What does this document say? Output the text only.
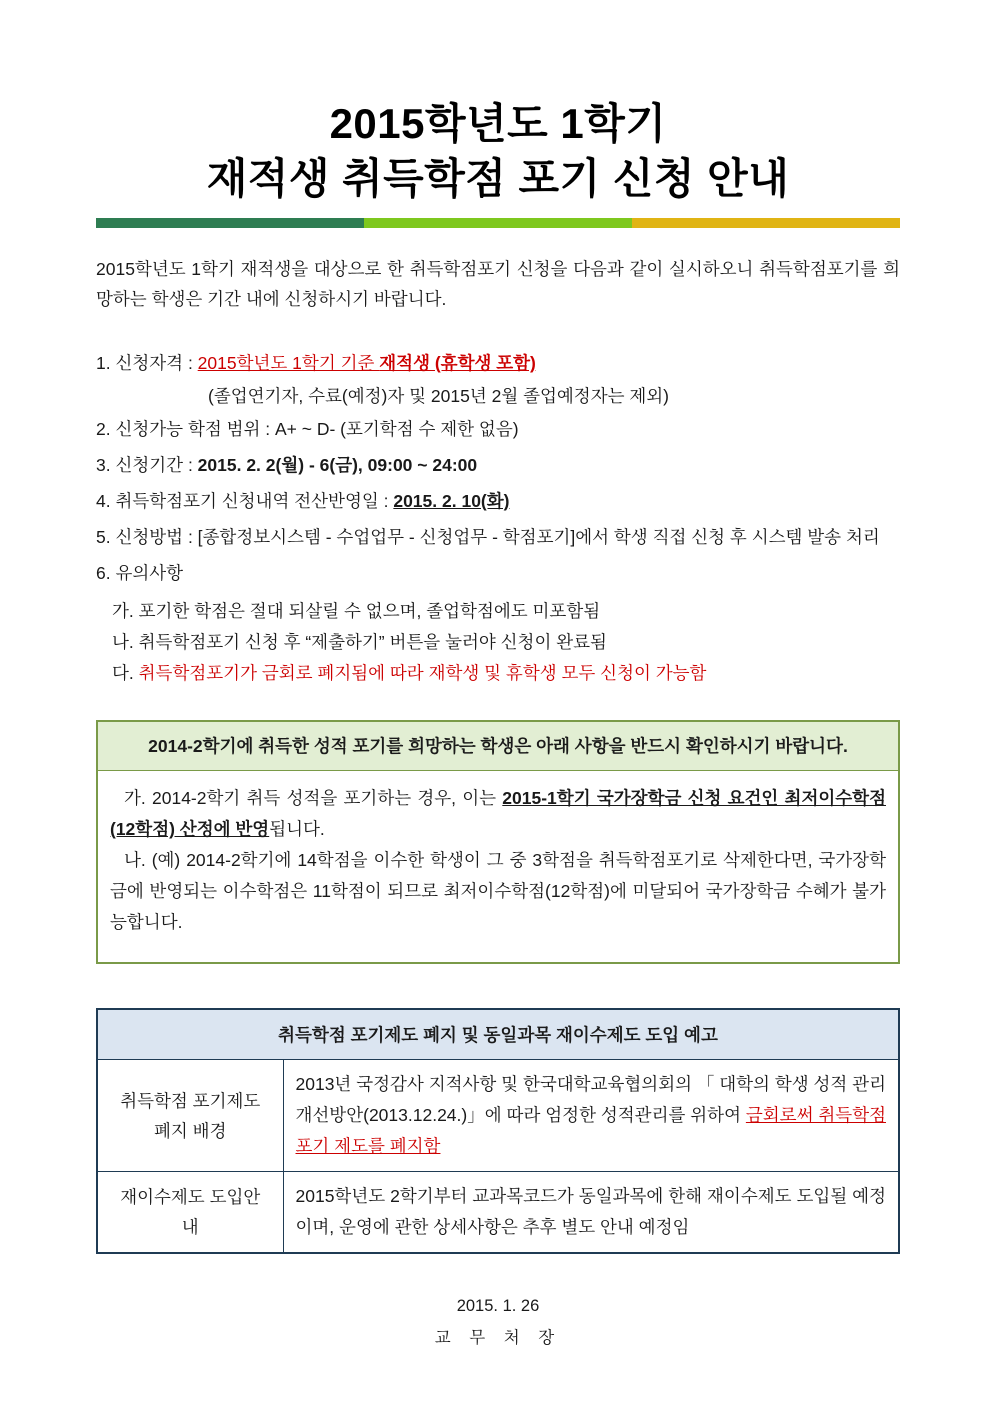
2015학년도 1학기
재적생 취득학점 포기 신청 안내

2015학년도 1학기 재적생을 대상으로 한 취득학점포기 신청을 다음과 같이 실시하오니 취득학점포기를 희망하는 학생은 기간 내에 신청하시기 바랍니다.

1. 신청자격 : 2015학년도 1학기 기준 재적생 (휴학생 포함)
(졸업연기자, 수료(예정)자 및 2015년 2월 졸업예정자는 제외)
2. 신청가능 학점 범위 : A+ ~ D- (포기학점 수 제한 없음)
3. 신청기간 : 2015. 2. 2(월) - 6(금), 09:00 ~ 24:00
4. 취득학점포기 신청내역 전산반영일 : 2015. 2. 10(화)
5. 신청방법 : [종합정보시스템 - 수업업무 - 신청업무 - 학점포기]에서 학생 직접 신청 후 시스템 발송 처리
6. 유의사항
가. 포기한 학점은 절대 되살릴 수 없으며, 졸업학점에도 미포함됨
나. 취득학점포기 신청 후 “제출하기” 버튼을 눌러야 신청이 완료됨
다. 취득학점포기가 금회로 폐지됨에 따라 재학생 및 휴학생 모두 신청이 가능함
2014-2학기에 취득한 성적 포기를 희망하는 학생은 아래 사항을 반드시 확인하시기 바랍니다.

가. 2014-2학기 취득 성적을 포기하는 경우, 이는 2015-1학기 국가장학금 신청 요건인 최저이수학점(12학점) 산정에 반영됩니다.

나. (예) 2014-2학기에 14학점을 이수한 학생이 그 중 3학점을 취득학점포기로 삭제한다면, 국가장학금에 반영되는 이수학점은 11학점이 되므로 최저이수학점(12학점)에 미달되어 국가장학금 수혜가 불가능합니다.

취득학점 포기제도 폐지 및 동일과목 재이수제도 도입 예고	
취득학점 포기제도 폐지 배경	2013년 국정감사 지적사항 및 한국대학교육협의회의 「 대학의 학생 성적 관리 개선방안(2013.12.24.)」에 따라 엄정한 성적관리를 위하여 금회로써 취득학점포기 제도를 폐지함
재이수제도 도입안내	2015학년도 2학기부터 교과목코드가 동일과목에 한해 재이수제도 도입될 예정이며, 운영에 관한 상세사항은 추후 별도 안내 예정임
2015. 1. 26
교 무 처 장
